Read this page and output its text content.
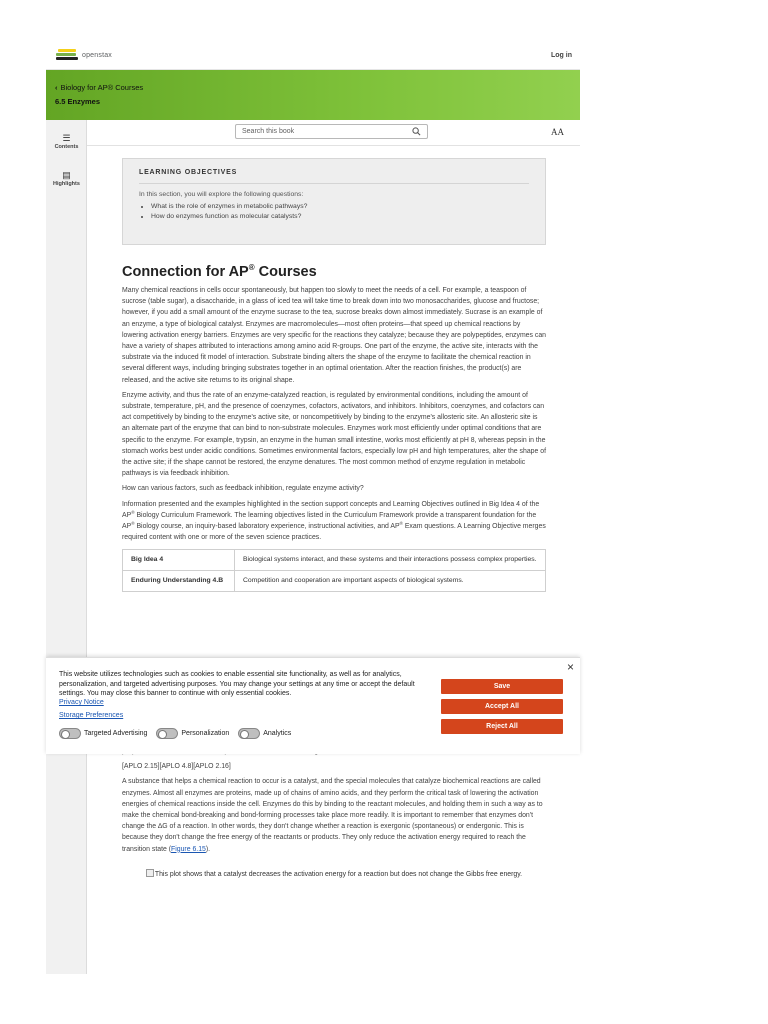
openstax	Log in
‹ Biology for AP® Courses
6.5 Enzymes
☰
Contents
▤
Highlights
Search this book	AA
LEARNING OBJECTIVES
In this section, you will explore the following questions:
• What is the role of enzymes in metabolic pathways?
• How do enzymes function as molecular catalysts?
Connection for AP® Courses

Many chemical reactions in cells occur spontaneously, but happen too slowly to meet the needs of a cell. For example, a teaspoon of sucrose (table sugar), a disaccharide, in a glass of iced tea will take time to break down into two monosaccharides, glucose and fructose; however, if you add a small amount of the enzyme sucrase to the tea, sucrose breaks down almost immediately. Sucrase is an example of an enzyme, a type of biological catalyst. Enzymes are macromolecules—most often proteins—that speed up chemical reactions by lowering activation energy barriers. Enzymes are very specific for the reactions they catalyze; because they are polypeptides, enzymes can have a variety of shapes attributed to interactions among amino acid R-groups. One part of the enzyme, the active site, interacts with the substrate via the induced fit model of interaction. Substrate binding alters the shape of the enzyme to facilitate the chemical reaction in several different ways, including bringing substrates together in an optimal orientation. After the reaction finishes, the product(s) are released, and the active site returns to its original shape.

Enzyme activity, and thus the rate of an enzyme-catalyzed reaction, is regulated by environmental conditions, including the amount of substrate, temperature, pH, and the presence of coenzymes, cofactors, activators, and inhibitors. Inhibitors, coenzymes, and cofactors can act competitively by binding to the enzyme's active site, or noncompetitively by binding to the enzyme's allosteric site. An allosteric site is an alternate part of the enzyme that can bind to non-substrate molecules. Enzymes work most efficiently under optimal conditions that are specific to the enzyme. For example, trypsin, an enzyme in the human small intestine, works most efficiently at pH 8, whereas pepsin in the stomach works best under acidic conditions. Sometimes environmental factors, especially low pH and high temperatures, alter the shape of the active site; if the shape cannot be restored, the enzyme denatures. The most common method of enzyme regulation in metabolic pathways is via feedback inhibition.

How can various factors, such as feedback inhibition, regulate enzyme activity?

Information presented and the examples highlighted in the section support concepts and Learning Objectives outlined in Big Idea 4 of the AP® Biology Curriculum Framework. The learning objectives listed in the Curriculum Framework provide a transparent foundation for the AP® Biology course, an inquiry-based laboratory experience, instructional activities, and AP® Exam questions. A Learning Objective merges required content with one or more of the seven science practices.

Big Idea 4	Biological systems interact, and these systems and their interactions possess complex properties.
Enduring Understanding 4.B	Competition and cooperation are important aspects of biological systems.

[APLO 2.15][APLO 4.8][APLO 2.16]

A substance that helps a chemical reaction to occur is a catalyst, and the special molecules that catalyze biochemical reactions are called enzymes. Almost all enzymes are proteins, made up of chains of amino acids, and they perform the critical task of lowering the activation energies of chemical reactions inside the cell. Enzymes do this by binding to the reactant molecules, and holding them in such a way as to make the chemical bond-breaking and bond-forming processes take place more readily. It is important to remember that enzymes don't change the ∆G of a reaction. In other words, they don't change whether a reaction is exergonic (spontaneous) or endergonic. This is because they don't change the free energy of the reactants or products. They only reduce the activation energy required to reach the transition state (Figure 6.15).

This plot shows that a catalyst decreases the activation energy for a reaction but does not change the Gibbs free energy.
This website utilizes technologies such as cookies to enable essential site functionality, as well as for analytics, personalization, and targeted advertising purposes. You may change your settings at any time or accept the default settings. You may close this banner to continue with only essential cookies.
Privacy Notice
Storage Preferences
×
Save
Accept All
Reject All
Targeted Advertising	Personalization	Analytics
